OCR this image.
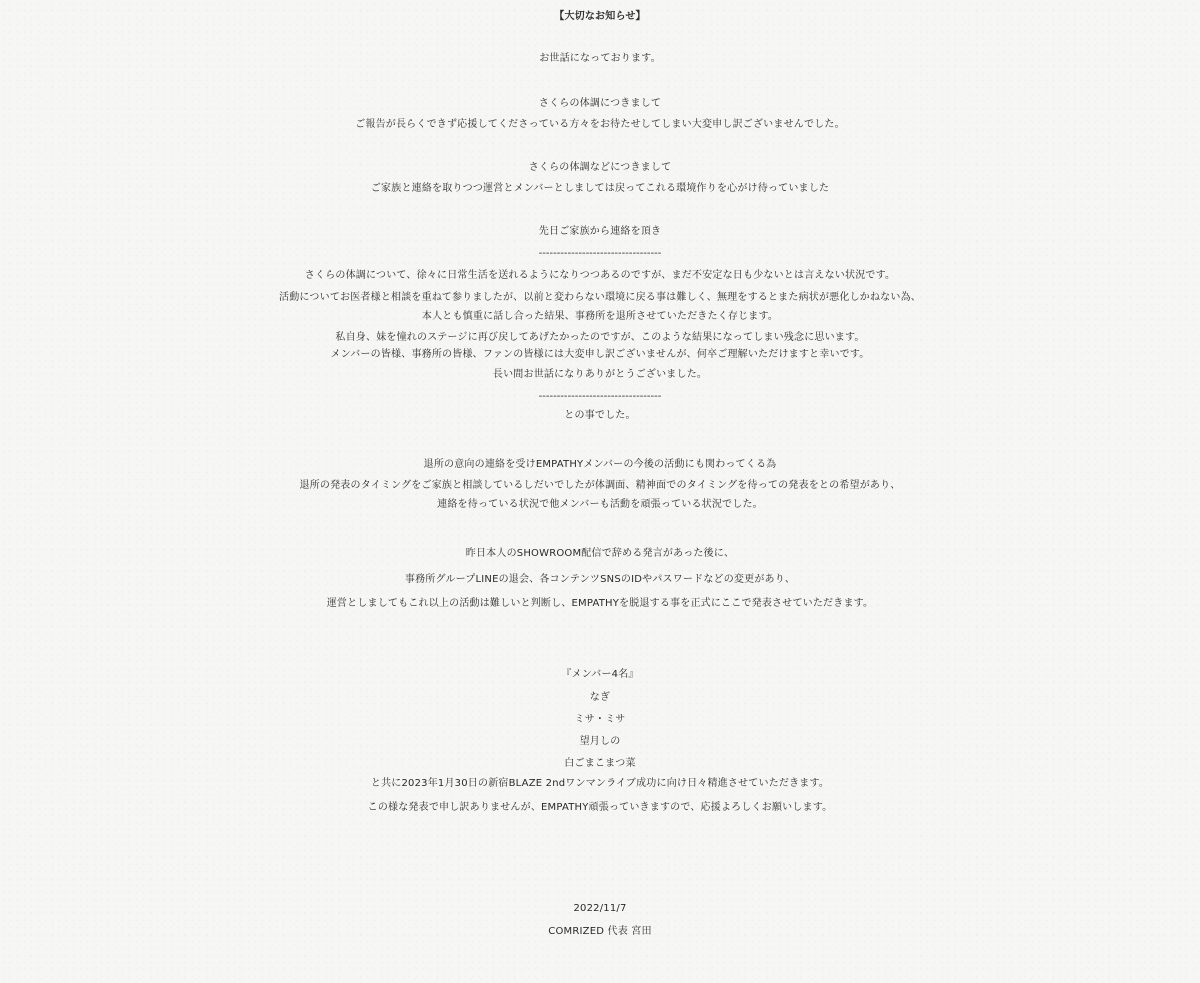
【大切なお知らせ】
お世話になっております。
さくらの体調につきまして
ご報告が長らくできず応援してくださっている方々をお待たせしてしまい大変申し訳ございませんでした。
さくらの体調などにつきまして
ご家族と連絡を取りつつ運営とメンバーとしましては戻ってこれる環境作りを心がけ待っていました
先日ご家族から連絡を頂き
----------------------------------
さくらの体調について、徐々に日常生活を送れるようになりつつあるのですが、まだ不安定な日も少ないとは言えない状況です。
活動についてお医者様と相談を重ねて参りましたが、以前と変わらない環境に戻る事は難しく、無理をするとまた病状が悪化しかねない為、
本人とも慎重に話し合った結果、事務所を退所させていただきたく存じます。
私自身、妹を憧れのステージに再び戻してあげたかったのですが、このような結果になってしまい残念に思います。
メンバーの皆様、事務所の皆様、ファンの皆様には大変申し訳ございませんが、何卒ご理解いただけますと幸いです。
長い間お世話になりありがとうございました。
----------------------------------
との事でした。
退所の意向の連絡を受けEMPATHYメンバーの今後の活動にも関わってくる為
退所の発表のタイミングをご家族と相談しているしだいでしたが体調面、精神面でのタイミングを待っての発表をとの希望があり、
連絡を待っている状況で他メンバーも活動を頑張っている状況でした。
昨日本人のSHOWROOM配信で辞める発言があった後に、
事務所グループLINEの退会、各コンテンツSNSのIDやパスワードなどの変更があり、
運営としましてもこれ以上の活動は難しいと判断し、EMPATHYを脱退する事を正式にここで発表させていただきます。
『メンバー4名』
なぎ
ミサ・ミサ
望月しの
白ごまこまつ菜
と共に2023年1月30日の新宿BLAZE 2ndワンマンライブ成功に向け日々精進させていただきます。
この様な発表で申し訳ありませんが、EMPATHY頑張っていきますので、応援よろしくお願いします。
2022/11/7
COMRIZED 代表 宮田
